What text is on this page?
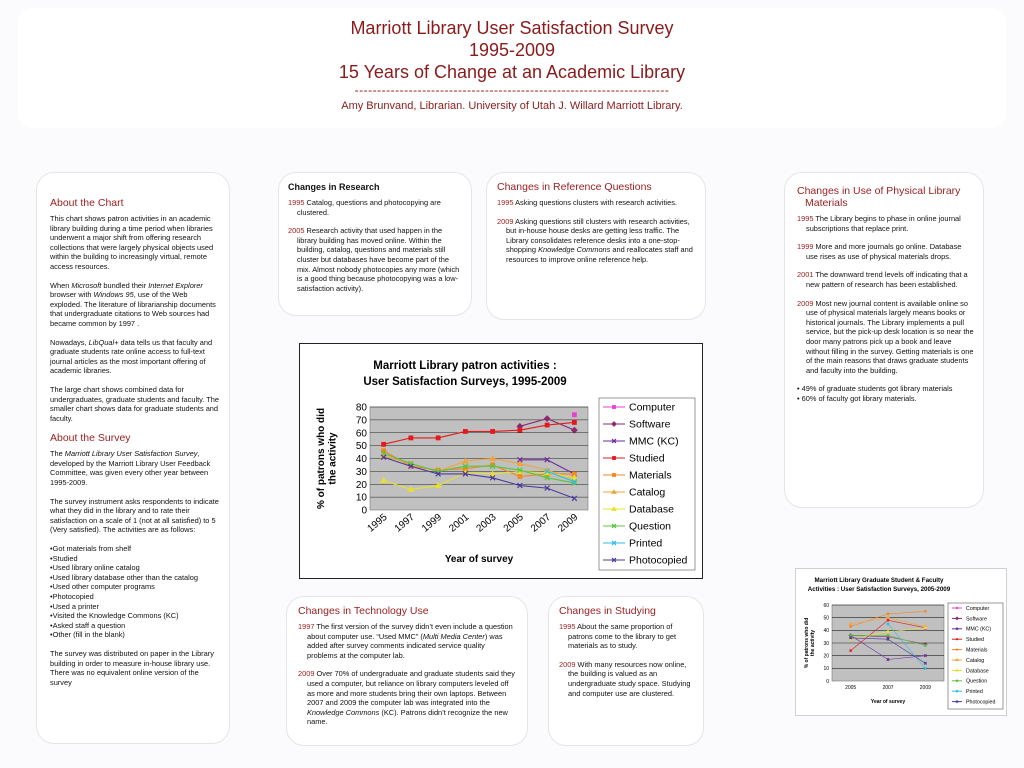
Marriott Library User Satisfaction Survey
1995-2009
15 Years of Change at an Academic Library
----------------------------------------------------------------------
Amy Brunvand, Librarian. University of Utah J. Willard Marriott Library.
About the Chart

This chart shows patron activities in an academic library building during a time period when libraries underwent a major shift from offering research collections that were largely physical objects used within the building to increasingly virtual, remote access resources.

When Microsoft bundled their Internet Explorer browser with Windows 95, use of the Web exploded. The literature of librarianship documents that undergraduate citations to Web sources had became common by 1997 .

Nowadays, LibQual+ data tells us that faculty and graduate students rate online access to full-text journal articles as the most important offering of academic libraries.

The large chart shows combined data for undergraduates, graduate students and faculty. The smaller chart shows data for graduate students and faculty.

About the Survey

The Marriott Library User Satisfaction Survey, developed by the Marriott Library User Feedback Committee, was given every other year between 1995-2009.

The survey instrument asks respondents to indicate what they did in the library and to rate their satisfaction on a scale of 1 (not at all satisfied) to 5 (Very satisfied). The activities are as follows:

•Got materials from shelf
•Studied
•Used library online catalog
•Used library database other than the catalog
•Used other computer programs
•Photocopied
•Used a printer
•Visited the Knowledge Commons (KC)
•Asked staff a question
•Other (fill in the blank)

The survey was distributed on paper in the Library building in order to measure in-house library use. There was no equivalent online version of the survey

Changes in Research
1995 Catalog, questions and photocopying are clustered.
2005 Research activity that used happen in the library building has moved online. Within the building, catalog, questions and materials still cluster but databases have become part of the mix. Almost nobody photocopies any more (which is a good thing because photocopying was a low-satisfaction activity).
Changes in Reference Questions
1995 Asking questions clusters with research activities.
2009 Asking questions still clusters with research activities, but in-house house desks are getting less traffic. The Library consolidates reference desks into a one-stop-shopping Knowledge Commons and reallocates staff and resources to improve online reference help.
Changes in Use of Physical Library Materials
1995 The Library begins to phase in online journal subscriptions that replace print.
1999 More and more journals go online. Database use rises as use of physical materials drops.
2001 The downward trend levels off indicating that a new pattern of research has been established.
2009 Most new journal content is available online so use of physical materials largely means books or historical journals. The Library implements a pull service, but the pick-up desk location is so near the door many patrons pick up a book and leave without filling in the survey. Getting materials is one of the main reasons that draws graduate students and faculty into the building.
• 49% of graduate students got library materials
• 60% of faculty got library materials.
Marriott Library patron activities :
User Satisfaction Surveys, 1995-2009
0
10
20
30
40
50
60
70
80
1995 1997 1999 2001 2003 2005 2007 2009
Year of survey
% of patrons who did the activity
Computer
Software
MMC (KC)
Studied
Materials
Catalog
Database
Question
Printed
Photocopied
Marriott Library Graduate Student & Faculty
Activities : User Satisfaction Surveys, 2005-2009
0
10
20
30
40
50
60
2005	2007	2009
Year of survey
% of patrons who did the activity
Computer
Software
MMC (KC)
Studied
Materials
Catalog
Database
Question
Printed
Photocopied
Changes in Technology Use
1997 The first version of the survey didn’t even include a question about computer use. “Used MMC” (Multi Media Center) was added after survey comments indicated service quality problems at the computer lab.
2009 Over 70% of undergraduate and graduate students said they used a computer, but reliance on library computers leveled off as more and more students bring their own laptops. Between 2007 and 2009 the computer lab was integrated into the Knowledge Commons (KC). Patrons didn’t recognize the new name.
Changes in Studying
1995 About the same proportion of patrons come to the library to get materials as to study.
2009 With many resources now online, the building is valued as an undergraduate study space. Studying and computer use are clustered.
